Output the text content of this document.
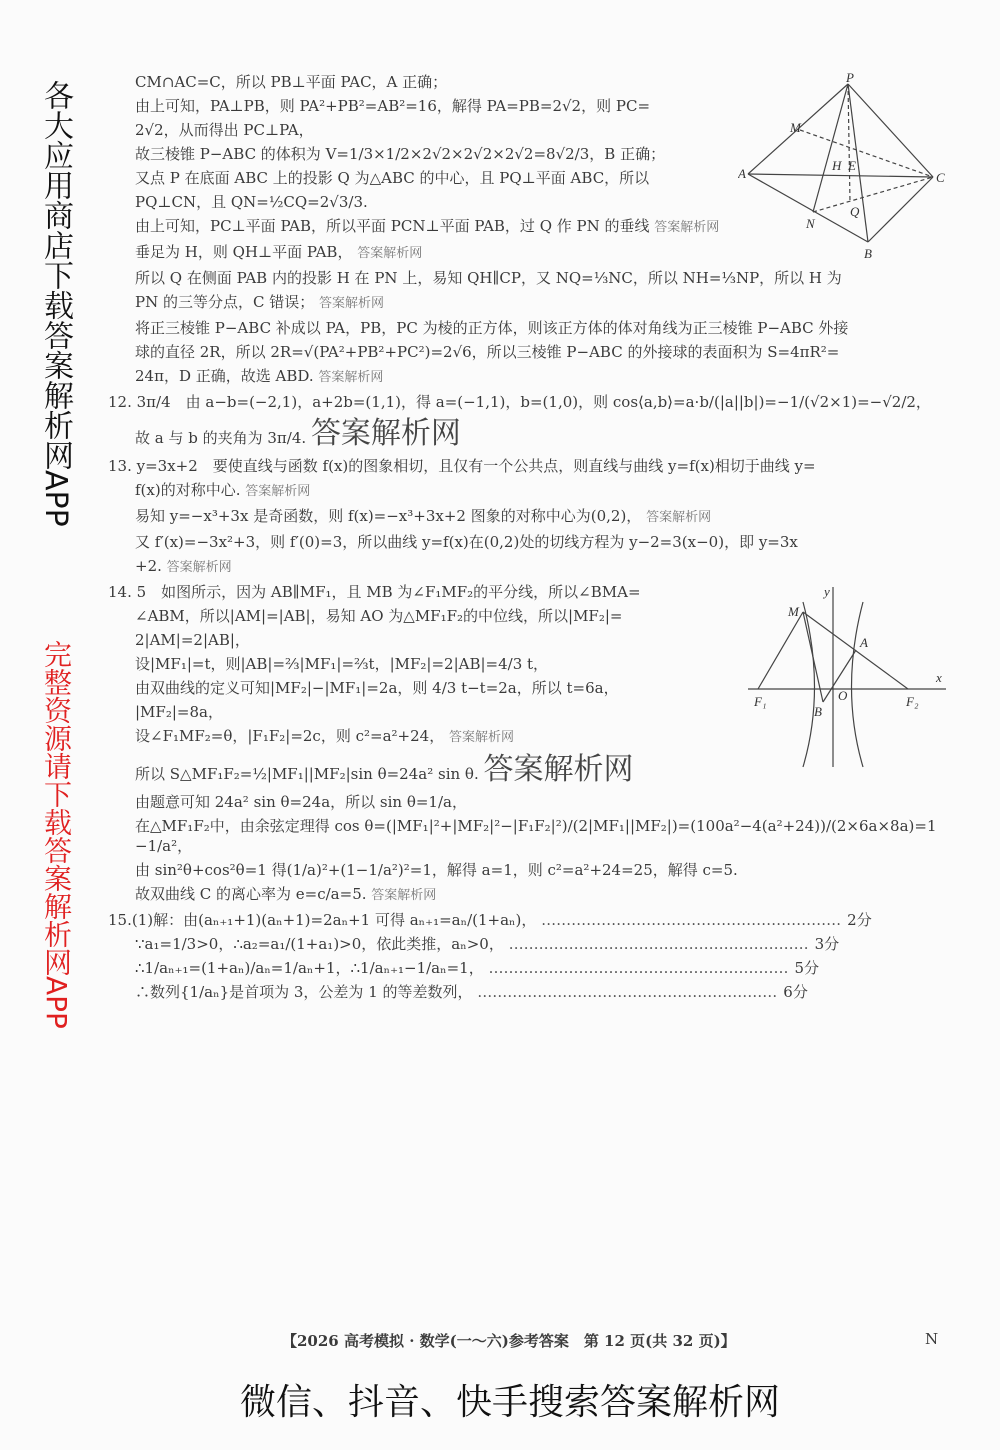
P
M
A
H E
C
Q
N
B
CM∩AC=C，所以 PB⊥平面 PAC，A 正确；
由上可知，PA⊥PB，则 PA²+PB²=AB²=16，解得 PA=PB=2√2，则 PC=
2√2，从而得出 PC⊥PA，
故三棱锥 P−ABC 的体积为 V=1/3×1/2×2√2×2√2×2√2=8√2/3，B 正确；
又点 P 在底面 ABC 上的投影 Q 为△ABC 的中心，且 PQ⊥平面 ABC，所以
PQ⊥CN，且 QN=½CQ=2√3/3.
由上可知，PC⊥平面 PAB，所以平面 PCN⊥平面 PAB，过 Q 作 PN 的垂线 答案解析网
垂足为 H，则 QH⊥平面 PAB， 答案解析网
所以 Q 在侧面 PAB 内的投影 H 在 PN 上，易知 QH∥CP，又 NQ=⅓NC，所以 NH=⅓NP，所以 H 为
PN 的三等分点，C 错误； 答案解析网
将正三棱锥 P−ABC 补成以 PA，PB，PC 为棱的正方体，则该正方体的体对角线为正三棱锥 P−ABC 外接
球的直径 2R，所以 2R=√(PA²+PB²+PC²)=2√6，所以三棱锥 P−ABC 的外接球的表面积为 S=4πR²=
24π，D 正确，故选 ABD. 答案解析网
12. 3π/4　由 a−b=(−2,1)，a+2b=(1,1)，得 a=(−1,1)，b=(1,0)，则 cos⟨a,b⟩=a·b/(|a||b|)=−1/(√2×1)=−√2/2，
故 a 与 b 的夹角为 3π/4. 答案解析网
13. y=3x+2　要使直线与函数 f(x)的图象相切，且仅有一个公共点，则直线与曲线 y=f(x)相切于曲线 y=
f(x)的对称中心. 答案解析网
易知 y=−x³+3x 是奇函数，则 f(x)=−x³+3x+2 图象的对称中心为(0,2)， 答案解析网
又 f′(x)=−3x²+3，则 f′(0)=3，所以曲线 y=f(x)在(0,2)处的切线方程为 y−2=3(x−0)，即 y=3x
+2. 答案解析网
y
M
A
F₁
B
O	F₂
x
14. 5　如图所示，因为 AB∥MF₁，且 MB 为∠F₁MF₂的平分线，所以∠BMA=
∠ABM，所以|AM|=|AB|，易知 AO 为△MF₁F₂的中位线，所以|MF₂|=
2|AM|=2|AB|，
设|MF₁|=t，则|AB|=⅔|MF₁|=⅔t，|MF₂|=2|AB|=4/3 t，
由双曲线的定义可知|MF₂|−|MF₁|=2a，则 4/3 t−t=2a，所以 t=6a，
|MF₂|=8a，
设∠F₁MF₂=θ，|F₁F₂|=2c，则 c²=a²+24， 答案解析网
所以 S△MF₁F₂=½|MF₁||MF₂|sin θ=24a² sin θ. 答案解析网
由题意可知 24a² sin θ=24a，所以 sin θ=1/a，
在△MF₁F₂中，由余弦定理得 cos θ=(|MF₁|²+|MF₂|²−|F₁F₂|²)/(2|MF₁||MF₂|)=(100a²−4(a²+24))/(2×6a×8a)=1−1/a²，
由 sin²θ+cos²θ=1 得(1/a)²+(1−1/a²)²=1，解得 a=1，则 c²=a²+24=25，解得 c=5.
故双曲线 C 的离心率为 e=c/a=5. 答案解析网
15.(1)解：由(aₙ₊₁+1)(aₙ+1)=2aₙ+1 可得 aₙ₊₁=aₙ/(1+aₙ)， …………………………………………………… 2分
∵a₁=1/3>0，∴a₂=a₁/(1+a₁)>0，依此类推，aₙ>0， …………………………………………………… 3分
∴1/aₙ₊₁=(1+aₙ)/aₙ=1/aₙ+1，∴1/aₙ₊₁−1/aₙ=1， …………………………………………………… 5分
∴数列{1/aₙ}是首项为 3，公差为 1 的等差数列， …………………………………………………… 6分
【2026 高考模拟 · 数学(一～六)参考答案　第 12 页(共 32 页)】	N
各大应用商店下载答案解析网APP
完整资源请下载答案解析网APP
微信、抖音、快手搜索答案解析网
